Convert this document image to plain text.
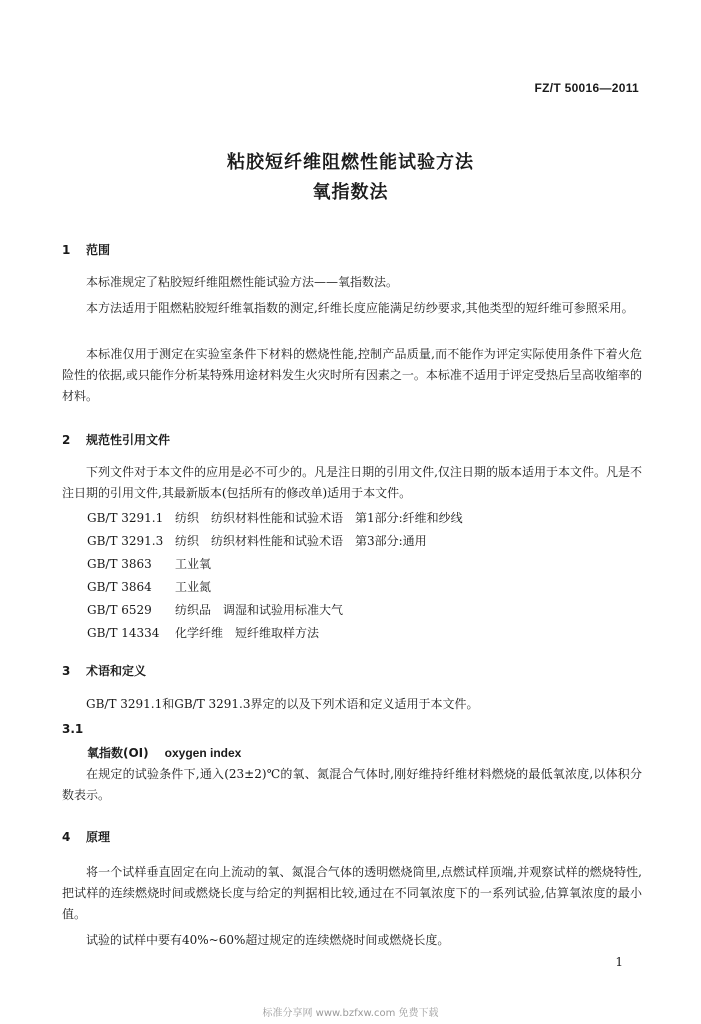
FZ/T 50016—2011
粘胶短纤维阻燃性能试验方法
氧指数法
1 范围
本标准规定了粘胶短纤维阻燃性能试验方法——氧指数法。
本方法适用于阻燃粘胶短纤维氧指数的测定,纤维长度应能满足纺纱要求,其他类型的短纤维可参照采用。
本标准仅用于测定在实验室条件下材料的燃烧性能,控制产品质量,而不能作为评定实际使用条件下着火危险性的依据,或只能作分析某特殊用途材料发生火灾时所有因素之一。本标准不适用于评定受热后呈高收缩率的材料。
2 规范性引用文件
下列文件对于本文件的应用是必不可少的。凡是注日期的引用文件,仅注日期的版本适用于本文件。凡是不注日期的引用文件,其最新版本(包括所有的修改单)适用于本文件。
GB/T 3291.1 纺织　纺织材料性能和试验术语　第1部分:纤维和纱线
GB/T 3291.3 纺织　纺织材料性能和试验术语　第3部分:通用
GB/T 3863 工业氧
GB/T 3864 工业氮
GB/T 6529 纺织品　调湿和试验用标准大气
GB/T 14334 化学纤维　短纤维取样方法
3 术语和定义
GB/T 3291.1和GB/T 3291.3界定的以及下列术语和定义适用于本文件。
3.1
氧指数(OI) oxygen index
在规定的试验条件下,通入(23±2)℃的氧、氮混合气体时,刚好维持纤维材料燃烧的最低氧浓度,以体积分数表示。
4 原理
将一个试样垂直固定在向上流动的氧、氮混合气体的透明燃烧筒里,点燃试样顶端,并观察试样的燃烧特性,把试样的连续燃烧时间或燃烧长度与给定的判据相比较,通过在不同氧浓度下的一系列试验,估算氧浓度的最小值。
试验的试样中要有40%~60%超过规定的连续燃烧时间或燃烧长度。
1
标准分享网 www.bzfxw.com 免费下载
